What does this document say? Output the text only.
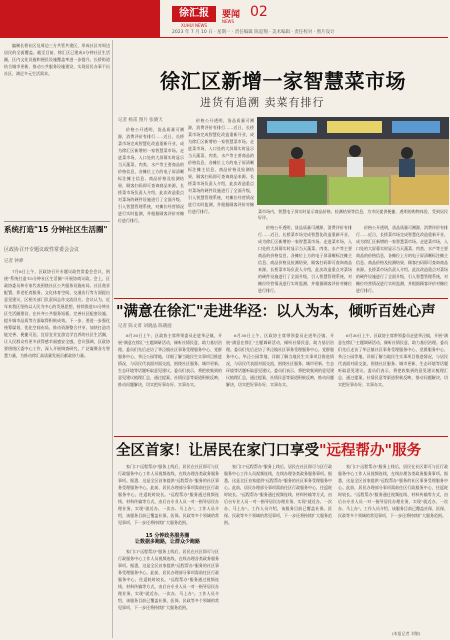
徐汇报
XUHUI NEWS
要闻
NEWS
02
2023 年 7 月 10 日 · 星期一 · 责任编辑 陈思翔 · 美术编辑 · 责任校对 · 照片设计
编制长桥社区及周边三方共管共建区，形成社区对周边居民的全面覆盖。截至目前，徐汇区已建成5分钟社区生活圈，区内文化设施和便民设施覆盖率进一步提升。长桥街道结合城市更新，推动公共服务设施建设，实现居民办事不出社区，满足多元生活需求。
系统打造"15 分钟社区生活圈"
区政协召开专题议政性常委会会议
记者 钟骅
7月6日上午，区政协召开专题议政性常委会会议，围绕"系统打造'15分钟社区生活圈'"开展协商议政。会上，区政协委员和专家代表围绕社区公共服务设施布局、社区商业配置、养老托育服务、文化体育空间、交通出行等方面提出意见建议，区相关部门负责同志作交流回应。会议认为，近年来我区坚持以人民为中心的发展思想，持续推进15分钟社区生活圈建设，在补齐公共服务短板、完善社区配套设施、提升城市品质等方面取得积极成效。下一步，要进一步强化统筹谋划，优化空间布局，推动资源整合共享，加快打造功能完善、便捷可达、宜居宜业宜游宜学宜养的社区生活圈，让人民群众有更多获得感幸福感安全感。会议强调，区政协要围绕区委中心工作，深入开展调查研究，广泛凝聚各方智慧力量，为推动徐汇高质量发展贡献政协力量。
徐汇区新增一家智慧菜市场
进货有追溯 卖菜有排行
记者 杨雷 图片 张晓天
价格公开透明，货品质量可溯源，消费评价有排行……近日，长桥菜市场完成智慧化改造重新开业，成为徐汇区新增的一家智慧菜市场。走进菜市场，入口处的大屏幕实时显示当天蔬菜、肉类、水产等主要商品的价格信息，各摊位上方的电子屏清晰标注摊主信息、商品价格及检测结果，顾客扫码即可查询商品来源。长桥菜市场负责人介绍，此次改造重点对菜场的硬件设施进行了全面升级，引入智慧管理系统，对摊位经营情况进行实时监测，并根据顾客评价对摊位进行排行。
价格公开透明，货品质量可溯源，消费评价有排行……近日，长桥菜市场完成智慧化改造重新开业，成为徐汇区新增的一家智慧菜市场。走进菜市场，入口处的大屏幕实时显示当天蔬菜、肉类、水产等主要商品的价格信息，各摊位上方的电子屏清晰标注摊主信息、商品价格及检测结果，顾客扫码即可查询商品来源。长桥菜市场负责人介绍，此次改造重点对菜场的硬件设施进行了全面升级，引入智慧管理系统，对摊位经营情况进行实时监测，并根据顾客评价对摊位进行排行。	菜市场内，智慧电子屏实时显示商品价格、检测结果等信息，为市民提供便捷、透明的购物体验，受到居民好评。
价格公开透明，货品质量可溯源，消费评价有排行……近日，长桥菜市场完成智慧化改造重新开业，成为徐汇区新增的一家智慧菜市场。走进菜市场，入口处的大屏幕实时显示当天蔬菜、肉类、水产等主要商品的价格信息，各摊位上方的电子屏清晰标注摊主信息、商品价格及检测结果，顾客扫码即可查询商品来源。长桥菜市场负责人介绍，此次改造重点对菜场的硬件设施进行了全面升级，引入智慧管理系统，对摊位经营情况进行实时监测，并根据顾客评价对摊位进行排行。
价格公开透明，货品质量可溯源，消费评价有排行……近日，长桥菜市场完成智慧化改造重新开业，成为徐汇区新增的一家智慧菜市场。走进菜市场，入口处的大屏幕实时显示当天蔬菜、肉类、水产等主要商品的价格信息，各摊位上方的电子屏清晰标注摊主信息、商品价格及检测结果，顾客扫码即可查询商品来源。长桥菜市场负责人介绍，此次改造重点对菜场的硬件设施进行了全面升级，引入智慧管理系统，对摊位经营情况进行实时监测，并根据顾客评价对摊位进行排行。
"满意在徐汇"走进华泾：以人为本，倾听百姓心声
记者 陈文菁 刘晓晶 陈晓庭
6月30日上午，区政协主席带领委员走进华泾镇，开展"满意在徐汇"主题调研活动，倾听社情民意，助力基层治理。委员们先后走访了华泾镇社区事务受理服务中心、党群服务中心、华泾公园等地，详细了解当地民生实事项目推进情况，与居民代表面对面交流，围绕社区服务、城市更新、生态环境等话题听取意见建议。委员们表示，将把收集到的意见建议梳理汇总，通过提案、社情民意等渠道积极反映，推动问题解决，切实把好事办好、实事办实。
6月30日上午，区政协主席带领委员走进华泾镇，开展"满意在徐汇"主题调研活动，倾听社情民意，助力基层治理。委员们先后走访了华泾镇社区事务受理服务中心、党群服务中心、华泾公园等地，详细了解当地民生实事项目推进情况，与居民代表面对面交流，围绕社区服务、城市更新、生态环境等话题听取意见建议。委员们表示，将把收集到的意见建议梳理汇总，通过提案、社情民意等渠道积极反映，推动问题解决，切实把好事办好、实事办实。
6月30日上午，区政协主席带领委员走进华泾镇，开展"满意在徐汇"主题调研活动，倾听社情民意，助力基层治理。委员们先后走访了华泾镇社区事务受理服务中心、党群服务中心、华泾公园等地，详细了解当地民生实事项目推进情况，与居民代表面对面交流，围绕社区服务、城市更新、生态环境等话题听取意见建议。委员们表示，将把收集到的意见建议梳理汇总，通过提案、社情民意等渠道积极反映，推动问题解决，切实把好事办好、实事办实。
全区首家！让居民在家门口享受"远程帮办"服务
家门口"远程帮办"服务上线后，居民在社区即可与区行政服务中心工作人员视频连线，在线办理各类政务服务事项。据悉，这是全区首家提供"远程帮办"服务的社区事务受理服务中心。此前，居民办理部分事项需前往区行政服务中心，往返耗时较长。"远程帮办"服务通过视频连线、材料传输等方式，由后台专业人员一对一指导居民办理业务，实现"就近办、一次办、马上办"。工作人员介绍，该服务目前已覆盖社保、医保、民政等多个领域的常见事项，下一步还将持续扩大服务范围。
15 分钟政务服务圈
让数据多跑路，让群众少跑路
家门口"远程帮办"服务上线后，居民在社区即可与区行政服务中心工作人员视频连线，在线办理各类政务服务事项。据悉，这是全区首家提供"远程帮办"服务的社区事务受理服务中心。此前，居民办理部分事项需前往区行政服务中心，往返耗时较长。"远程帮办"服务通过视频连线、材料传输等方式，由后台专业人员一对一指导居民办理业务，实现"就近办、一次办、马上办"。工作人员介绍，该服务目前已覆盖社保、医保、民政等多个领域的常见事项，下一步还将持续扩大服务范围。
家门口"远程帮办"服务上线后，居民在社区即可与区行政服务中心工作人员视频连线，在线办理各类政务服务事项。据悉，这是全区首家提供"远程帮办"服务的社区事务受理服务中心。此前，居民办理部分事项需前往区行政服务中心，往返耗时较长。"远程帮办"服务通过视频连线、材料传输等方式，由后台专业人员一对一指导居民办理业务，实现"就近办、一次办、马上办"。工作人员介绍，该服务目前已覆盖社保、医保、民政等多个领域的常见事项，下一步还将持续扩大服务范围。
家门口"远程帮办"服务上线后，居民在社区即可与区行政服务中心工作人员视频连线，在线办理各类政务服务事项。据悉，这是全区首家提供"远程帮办"服务的社区事务受理服务中心。此前，居民办理部分事项需前往区行政服务中心，往返耗时较长。"远程帮办"服务通过视频连线、材料传输等方式，由后台专业人员一对一指导居民办理业务，实现"就近办、一次办、马上办"。工作人员介绍，该服务目前已覆盖社保、医保、民政等多个领域的常见事项，下一步还将持续扩大服务范围。
(本报记者 刘敏)
